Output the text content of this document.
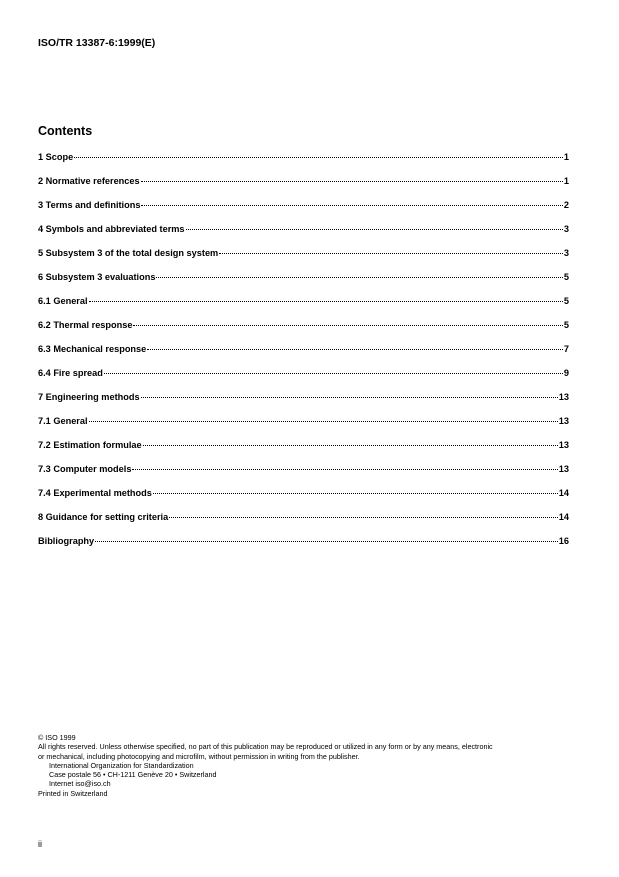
ISO/TR 13387-6:1999(E)
Contents
1 Scope	1
2 Normative references	1
3 Terms and definitions	2
4 Symbols and abbreviated terms	3
5 Subsystem 3 of the total design system	3
6 Subsystem 3 evaluations	5
6.1 General	5
6.2 Thermal response	5
6.3 Mechanical response	7
6.4 Fire spread	9
7 Engineering methods	13
7.1 General	13
7.2 Estimation formulae	13
7.3 Computer models	13
7.4 Experimental methods	14
8 Guidance for setting criteria	14
Bibliography	16
© ISO 1999
All rights reserved. Unless otherwise specified, no part of this publication may be reproduced or utilized in any form or by any means, electronic
or mechanical, including photocopying and microfilm, without permission in writing from the publisher.
International Organization for Standardization
Case postale 56 • CH-1211 Genève 20 • Switzerland
Internet iso@iso.ch
Printed in Switzerland
ii
